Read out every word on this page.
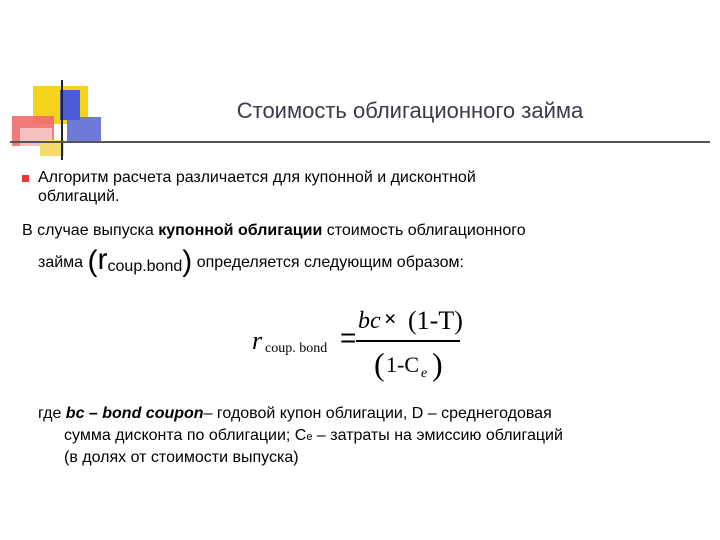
Стоимость облигационного займа
Алгоритм расчета различается для купонной и дисконтной
облигаций.
В случае выпуска купонной облигации стоимость облигационного
займа (rcoup.bond) определяется следующим образом:
r coup. bond =
bc × (1-T)
( 1-C e )
где bc – bond coupon– годовой купон облигации, D – среднегодовая
сумма дисконта по облигации; Ce – затраты на эмиссию облигаций
(в долях от стоимости выпуска)
